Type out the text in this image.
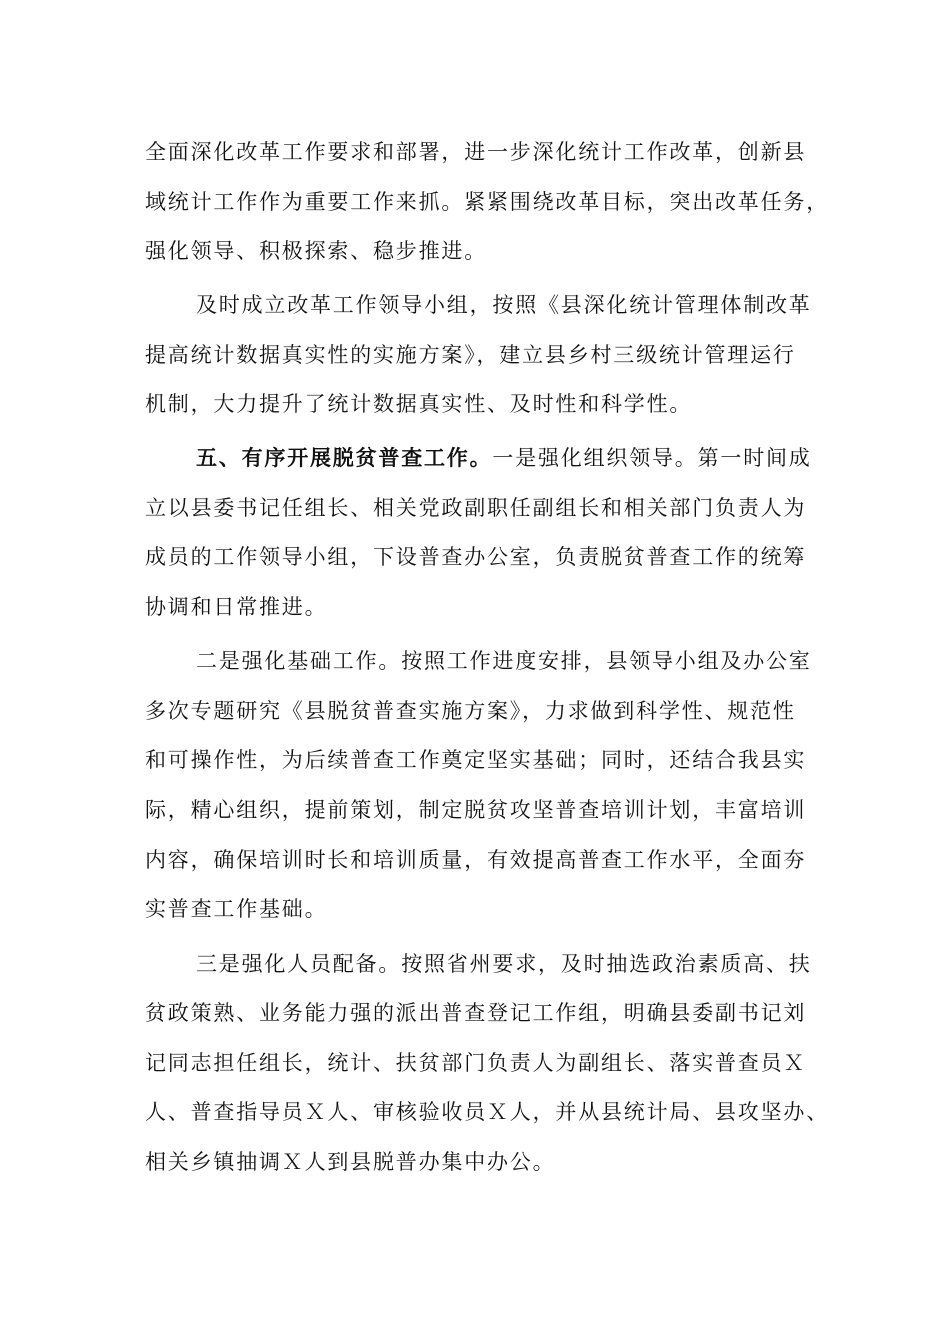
全面深化改革工作要求和部署，进一步深化统计工作改革，创新县
域统计工作作为重要工作来抓。紧紧围绕改革目标，突出改革任务，
强化领导、积极探索、稳步推进。
及时成立改革工作领导小组，按照《县深化统计管理体制改革
提高统计数据真实性的实施方案》，建立县乡村三级统计管理运行
机制，大力提升了统计数据真实性、及时性和科学性。
五、有序开展脱贫普查工作。一是强化组织领导。第一时间成
立以县委书记任组长、相关党政副职任副组长和相关部门负责人为
成员的工作领导小组，下设普查办公室，负责脱贫普查工作的统筹
协调和日常推进。
二是强化基础工作。按照工作进度安排，县领导小组及办公室
多次专题研究《县脱贫普查实施方案》，力求做到科学性、规范性
和可操作性，为后续普查工作奠定坚实基础；同时，还结合我县实
际，精心组织，提前策划，制定脱贫攻坚普查培训计划，丰富培训
内容，确保培训时长和培训质量，有效提高普查工作水平，全面夯
实普查工作基础。
三是强化人员配备。按照省州要求，及时抽选政治素质高、扶
贫政策熟、业务能力强的派出普查登记工作组，明确县委副书记刘
记同志担任组长，统计、扶贫部门负责人为副组长、落实普查员Ｘ
人、普查指导员Ｘ人、审核验收员Ｘ人，并从县统计局、县攻坚办、
相关乡镇抽调Ｘ人到县脱普办集中办公。
